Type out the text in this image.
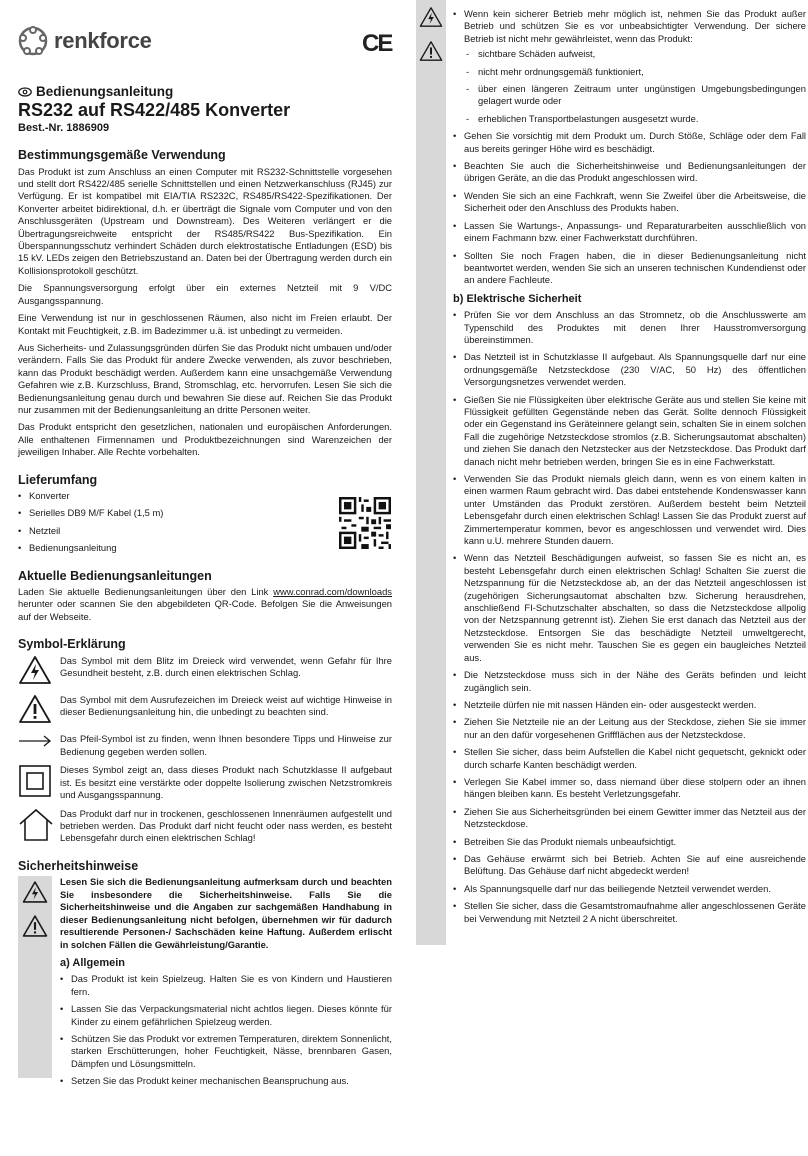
renkforce
Bedienungsanleitung
RS232 auf RS422/485 Konverter
Best.-Nr. 1886909
Bestimmungsgemäße Verwendung

Das Produkt ist zum Anschluss an einen Computer mit RS232-Schnittstelle vorgesehen und stellt dort RS422/485 serielle Schnittstellen und einen Netzwerkanschluss (RJ45) zur Verfügung. Er ist kompatibel mit EIA/TIA RS232C, RS485/RS422-Spezifikationen. Der Konverter arbeitet bidirektional, d.h. er überträgt die Signale vom Computer und von den Anschlussgeräten (Upstream und Downstream). Des Weiteren verlängert er die Übertragungsreichweite entspricht der RS485/RS422 Bus-Spezifikation. Ein Überspannungsschutz verhindert Schäden durch elektrostatische Entladungen (ESD) bis 15 kV. LEDs zeigen den Betriebszustand an. Daten bei der Übertragung werden durch ein Kollisionsprotokoll geschützt.

Die Spannungsversorgung erfolgt über ein externes Netzteil mit 9 V/DC Ausgangsspannung.

Eine Verwendung ist nur in geschlossenen Räumen, also nicht im Freien erlaubt. Der Kontakt mit Feuchtigkeit, z.B. im Badezimmer u.ä. ist unbedingt zu vermeiden.

Aus Sicherheits- und Zulassungsgründen dürfen Sie das Produkt nicht umbauen und/oder verändern. Falls Sie das Produkt für andere Zwecke verwenden, als zuvor beschrieben, kann das Produkt beschädigt werden. Außerdem kann eine unsachgemäße Verwendung Gefahren wie z.B. Kurzschluss, Brand, Stromschlag, etc. hervorrufen. Lesen Sie sich die Bedienungsanleitung genau durch und bewahren Sie diese auf. Reichen Sie das Produkt nur zusammen mit der Bedienungsanleitung an dritte Personen weiter.

Das Produkt entspricht den gesetzlichen, nationalen und europäischen Anforderungen. Alle enthaltenen Firmennamen und Produktbezeichnungen sind Warenzeichen der jeweiligen Inhaber. Alle Rechte vorbehalten.

Lieferumfang
• Konverter
• Serielles DB9 M/F Kabel (1,5 m)
• Netzteil
• Bedienungsanleitung
Aktuelle Bedienungsanleitungen

Laden Sie aktuelle Bedienungsanleitungen über den Link www.conrad.com/downloads herunter oder scannen Sie den abgebildeten QR-Code. Befolgen Sie die Anweisungen auf der Webseite.

Symbol-Erklärung
Das Symbol mit dem Blitz im Dreieck wird verwendet, wenn Gefahr für Ihre Gesundheit besteht, z.B. durch einen elektrischen Schlag.
Das Symbol mit dem Ausrufezeichen im Dreieck weist auf wichtige Hinweise in dieser Bedienungsanleitung hin, die unbedingt zu beachten sind.
Das Pfeil-Symbol ist zu finden, wenn Ihnen besondere Tipps und Hinweise zur Bedienung gegeben werden sollen.
Dieses Symbol zeigt an, dass dieses Produkt nach Schutzklasse II aufgebaut ist. Es besitzt eine verstärkte oder doppelte Isolierung zwischen Netzstromkreis und Ausgangsspannung.
Das Produkt darf nur in trockenen, geschlossenen Innenräumen aufgestellt und betrieben werden. Das Produkt darf nicht feucht oder nass werden, es besteht Lebensgefahr durch einen elektrischen Schlag!
Sicherheitshinweise
Lesen Sie sich die Bedienungsanleitung aufmerksam durch und beachten Sie insbesondere die Sicherheitshinweise. Falls Sie die Sicherheitshinweise und die Angaben zur sachgemäßen Handhabung in dieser Bedienungsanleitung nicht befolgen, übernehmen wir für dadurch resultierende Personen-/ Sachschäden keine Haftung. Außerdem erlischt in solchen Fällen die Gewährleistung/Garantie.
a) Allgemein
• Das Produkt ist kein Spielzeug. Halten Sie es von Kindern und Haustieren fern.
• Lassen Sie das Verpackungsmaterial nicht achtlos liegen. Dieses könnte für Kinder zu einem gefährlichen Spielzeug werden.
• Schützen Sie das Produkt vor extremen Temperaturen, direktem Sonnenlicht, starken Erschütterungen, hoher Feuchtigkeit, Nässe, brennbaren Gasen, Dämpfen und Lösungsmitteln.
• Setzen Sie das Produkt keiner mechanischen Beanspruchung aus.
CE
• Wenn kein sicherer Betrieb mehr möglich ist, nehmen Sie das Produkt außer Betrieb und schützen Sie es vor unbeabsichtigter Verwendung. Der sichere Betrieb ist nicht mehr gewährleistet, wenn das Produkt:
- sichtbare Schäden aufweist,
- nicht mehr ordnungsgemäß funktioniert,
- über einen längeren Zeitraum unter ungünstigen Umgebungsbedingungen gelagert wurde oder
- erheblichen Transportbelastungen ausgesetzt wurde.
• Gehen Sie vorsichtig mit dem Produkt um. Durch Stöße, Schläge oder dem Fall aus bereits geringer Höhe wird es beschädigt.
• Beachten Sie auch die Sicherheitshinweise und Bedienungsanleitungen der übrigen Geräte, an die das Produkt angeschlossen wird.
• Wenden Sie sich an eine Fachkraft, wenn Sie Zweifel über die Arbeitsweise, die Sicherheit oder den Anschluss des Produkts haben.
• Lassen Sie Wartungs-, Anpassungs- und Reparaturarbeiten ausschließlich von einem Fachmann bzw. einer Fachwerkstatt durchführen.
• Sollten Sie noch Fragen haben, die in dieser Bedienungsanleitung nicht beantwortet werden, wenden Sie sich an unseren technischen Kundendienst oder an andere Fachleute.
b) Elektrische Sicherheit
• Prüfen Sie vor dem Anschluss an das Stromnetz, ob die Anschlusswerte am Typenschild des Produktes mit denen Ihrer Hausstromversorgung übereinstimmen.
• Das Netzteil ist in Schutzklasse II aufgebaut. Als Spannungsquelle darf nur eine ordnungsgemäße Netzsteckdose (230 V/AC, 50 Hz) des öffentlichen Versorgungsnetzes verwendet werden.
• Gießen Sie nie Flüssigkeiten über elektrische Geräte aus und stellen Sie keine mit Flüssigkeit gefüllten Gegenstände neben das Gerät. Sollte dennoch Flüssigkeit oder ein Gegenstand ins Geräteinnere gelangt sein, schalten Sie in einem solchen Fall die zugehörige Netzsteckdose stromlos (z.B. Sicherungsautomat abschalten) und ziehen Sie danach den Netzstecker aus der Netzsteckdose. Das Produkt darf danach nicht mehr betrieben werden, bringen Sie es in eine Fachwerkstatt.
• Verwenden Sie das Produkt niemals gleich dann, wenn es von einem kalten in einen warmen Raum gebracht wird. Das dabei entstehende Kondenswasser kann unter Umständen das Produkt zerstören. Außerdem besteht beim Netzteil Lebensgefahr durch einen elektrischen Schlag! Lassen Sie das Produkt zuerst auf Zimmertemperatur kommen, bevor es angeschlossen und verwendet wird. Dies kann u.U. mehrere Stunden dauern.
• Wenn das Netzteil Beschädigungen aufweist, so fassen Sie es nicht an, es besteht Lebensgefahr durch einen elektrischen Schlag! Schalten Sie zuerst die Netzspannung für die Netzsteckdose ab, an der das Netzteil angeschlossen ist (zugehörigen Sicherungsautomat abschalten bzw. Sicherung herausdrehen, anschließend FI-Schutzschalter abschalten, so dass die Netzsteckdose allpolig von der Netzspannung getrennt ist). Ziehen Sie erst danach das Netzteil aus der Netzsteckdose. Entsorgen Sie das beschädigte Netzteil umweltgerecht, verwenden Sie es nicht mehr. Tauschen Sie es gegen ein baugleiches Netzteil aus.
• Die Netzsteckdose muss sich in der Nähe des Geräts befinden und leicht zugänglich sein.
• Netzteile dürfen nie mit nassen Händen ein- oder ausgesteckt werden.
• Ziehen Sie Netzteile nie an der Leitung aus der Steckdose, ziehen Sie sie immer nur an den dafür vorgesehenen Griffflächen aus der Netzsteckdose.
• Stellen Sie sicher, dass beim Aufstellen die Kabel nicht gequetscht, geknickt oder durch scharfe Kanten beschädigt werden.
• Verlegen Sie Kabel immer so, dass niemand über diese stolpern oder an ihnen hängen bleiben kann. Es besteht Verletzungsgefahr.
• Ziehen Sie aus Sicherheitsgründen bei einem Gewitter immer das Netzteil aus der Netzsteckdose.
• Betreiben Sie das Produkt niemals unbeaufsichtigt.
• Das Gehäuse erwärmt sich bei Betrieb. Achten Sie auf eine ausreichende Belüftung. Das Gehäuse darf nicht abgedeckt werden!
• Als Spannungsquelle darf nur das beiliegende Netzteil verwendet werden.
• Stellen Sie sicher, dass die Gesamtstromaufnahme aller angeschlossenen Geräte bei Verwendung mit Netzteil 2 A nicht überschreitet.
